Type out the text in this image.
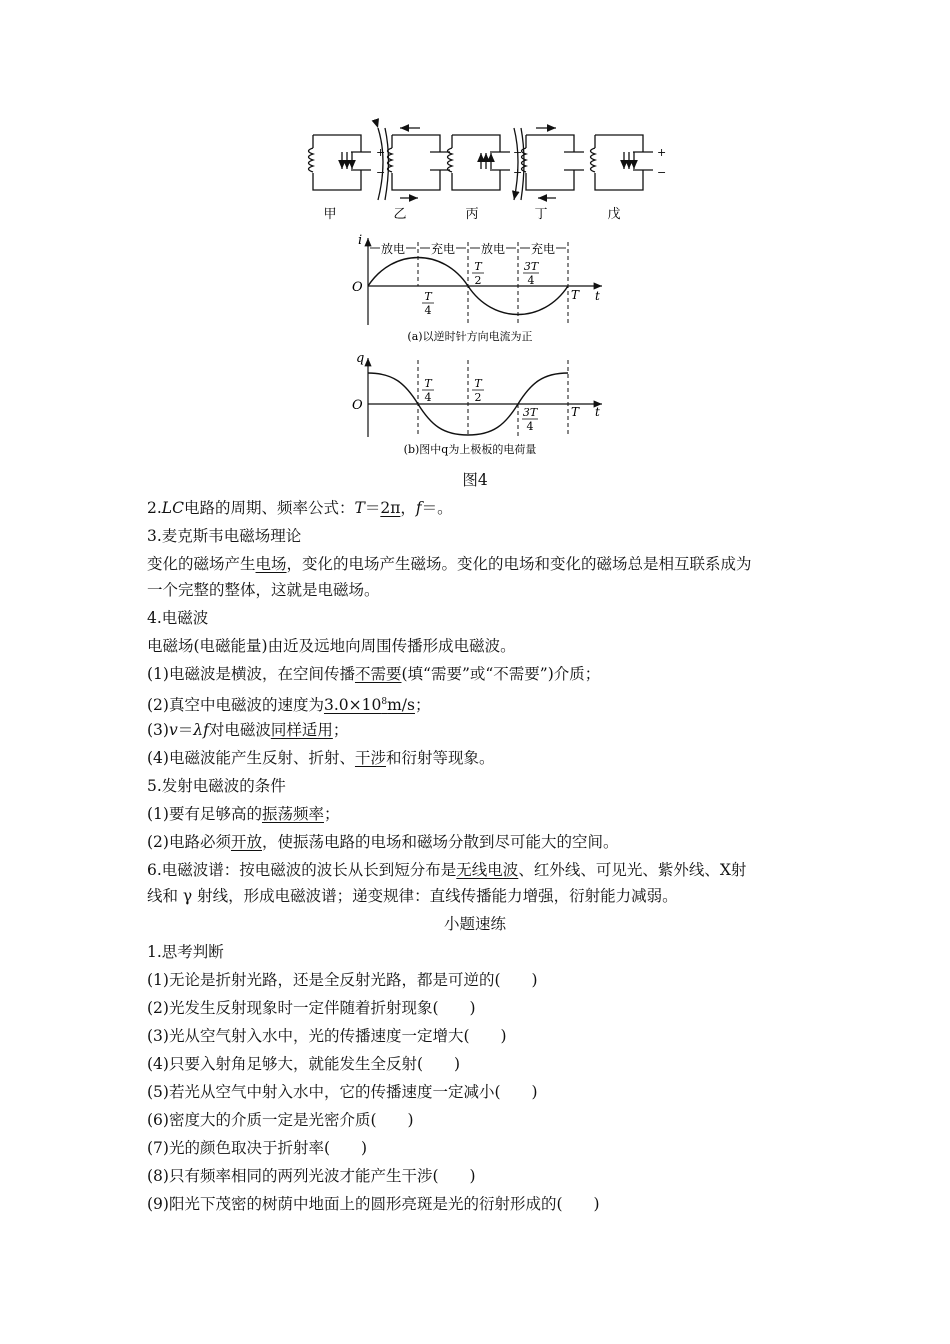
+
−
−
+
+
−
甲	乙	丙	丁	戊
放电 充电 放电 充电
i
O
t
T
4
T
2
3T
4
T
(a)以逆时针方向电流为正
q
O	t
T
4
T
2
3T
4
T
(b)图中q为上极板的电荷量
图4
2.LC电路的周期、频率公式：T＝2π，f＝。
3.麦克斯韦电磁场理论
变化的磁场产生电场，变化的电场产生磁场。变化的电场和变化的磁场总是相互联系成为
一个完整的整体，这就是电磁场。
4.电磁波
电磁场(电磁能量)由近及远地向周围传播形成电磁波。
(1)电磁波是横波，在空间传播不需要(填“需要”或“不需要”)介质；
(2)真空中电磁波的速度为$3.0\times 10^8m/s$；
(3)v＝λf对电磁波同样适用；
(4)电磁波能产生反射、折射、干涉和衍射等现象。
5.发射电磁波的条件
(1)要有足够高的振荡频率；
(2)电路必须开放，使振荡电路的电场和磁场分散到尽可能大的空间。
6.电磁波谱：按电磁波的波长从长到短分布是无线电波、红外线、可见光、紫外线、X射
线和 γ 射线，形成电磁波谱；递变规律：直线传播能力增强，衍射能力减弱。
小题速练
1.思考判断
(1)无论是折射光路，还是全反射光路，都是可逆的(　　)
(2)光发生反射现象时一定伴随着折射现象(　　)
(3)光从空气射入水中，光的传播速度一定增大(　　)
(4)只要入射角足够大，就能发生全反射(　　)
(5)若光从空气中射入水中，它的传播速度一定减小(　　)
(6)密度大的介质一定是光密介质(　　)
(7)光的颜色取决于折射率(　　)
(8)只有频率相同的两列光波才能产生干涉(　　)
(9)阳光下茂密的树荫中地面上的圆形亮斑是光的衍射形成的(　　)
